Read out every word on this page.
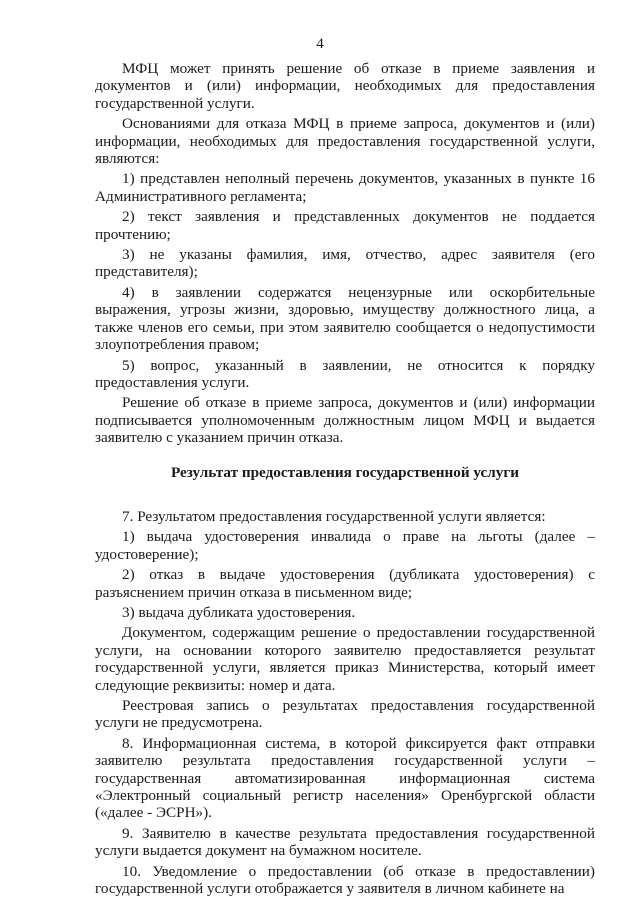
4

МФЦ может принять решение об отказе в приеме заявления и документов и (или) информации, необходимых для предоставления государственной услуги.

Основаниями для отказа МФЦ в приеме запроса, документов и (или) информации, необходимых для предоставления государственной услуги, являются:

1) представлен неполный перечень документов, указанных в пункте 16 Административного регламента;

2) текст заявления и представленных документов не поддается прочтению;

3) не указаны фамилия, имя, отчество, адрес заявителя (его представителя);

4) в заявлении содержатся нецензурные или оскорбительные выражения, угрозы жизни, здоровью, имуществу должностного лица, а также членов его семьи, при этом заявителю сообщается о недопустимости злоупотребления правом;

5) вопрос, указанный в заявлении, не относится к порядку предоставления услуги.

Решение об отказе в приеме запроса, документов и (или) информации подписывается уполномоченным должностным лицом МФЦ и выдается заявителю с указанием причин отказа.

Результат предоставления государственной услуги

7. Результатом предоставления государственной услуги является:

1) выдача удостоверения инвалида о праве на льготы (далее – удостоверение);

2) отказ в выдаче удостоверения (дубликата удостоверения) с разъяснением причин отказа в письменном виде;

3) выдача дубликата удостоверения.

Документом, содержащим решение о предоставлении государственной услуги, на основании которого заявителю предоставляется результат государственной услуги, является приказ Министерства, который имеет следующие реквизиты: номер и дата.

Реестровая запись о результатах предоставления государственной услуги не предусмотрена.

8. Информационная система, в которой фиксируется факт отправки заявителю результата предоставления государственной услуги – государственная автоматизированная информационная система «Электронный социальный регистр населения» Оренбургской области («далее - ЭСРН»).

9. Заявителю в качестве результата предоставления государственной услуги выдается документ на бумажном носителе.

10. Уведомление о предоставлении (об отказе в предоставлении) государственной услуги отображается у заявителя в личном кабинете на
